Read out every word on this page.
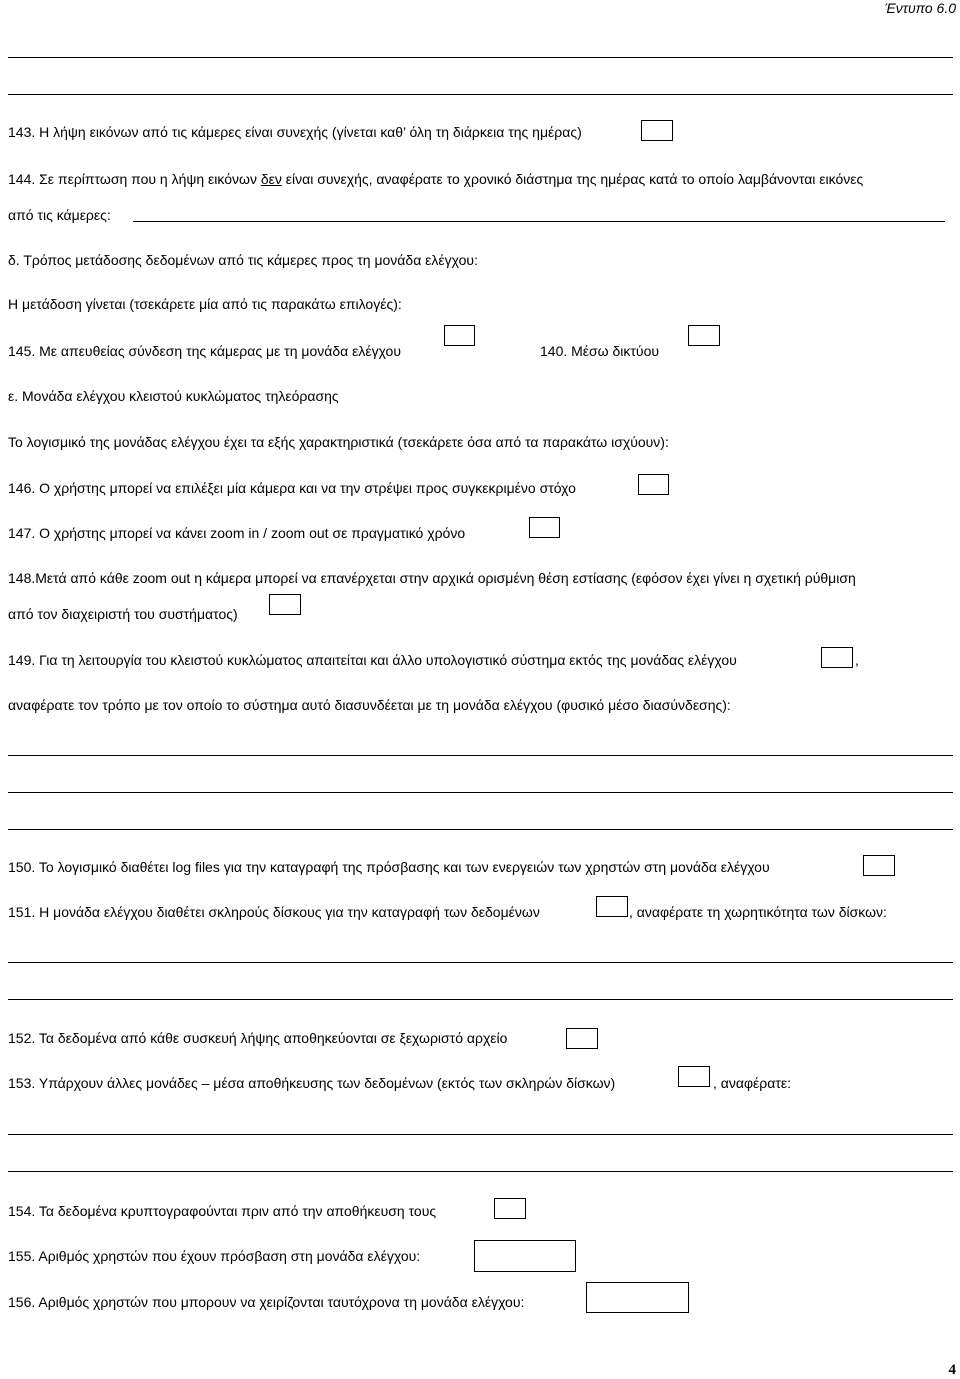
Έντυπο 6.0
143. Η λήψη εικόνων από τις κάμερες είναι συνεχής (γίνεται καθ’ όλη τη διάρκεια της ημέρας)
144. Σε περίπτωση που η λήψη εικόνων δεν είναι συνεχής, αναφέρατε το χρονικό διάστημα της ημέρας κατά το οποίο λαμβάνονται εικόνες
από τις κάμερες:
δ. Τρόπος μετάδοσης δεδομένων από τις κάμερες προς τη μονάδα ελέγχου:
Η μετάδοση γίνεται (τσεκάρετε μία από τις παρακάτω επιλογές):
145. Με απευθείας σύνδεση της κάμερας με τη μονάδα ελέγχου	140. Μέσω δικτύου
ε. Μονάδα ελέγχου κλειστού κυκλώματος τηλεόρασης
Το λογισμικό της μονάδας ελέγχου έχει τα εξής χαρακτηριστικά (τσεκάρετε όσα από τα παρακάτω ισχύουν):
146. Ο χρήστης μπορεί να επιλέξει μία κάμερα και να την στρέψει προς συγκεκριμένο στόχο
147. Ο χρήστης μπορεί να κάνει zoom in / zoom out σε πραγματικό χρόνο
148.Μετά από κάθε zoom out η κάμερα μπορεί να επανέρχεται στην αρχικά ορισμένη θέση εστίασης (εφόσον έχει γίνει η σχετική ρύθμιση
από τον διαχειριστή του συστήματος)
149. Για τη λειτουργία του κλειστού κυκλώματος απαιτείται και άλλο υπολογιστικό σύστημα εκτός της μονάδας ελέγχου	,
αναφέρατε τον τρόπο με τον οποίο το σύστημα αυτό διασυνδέεται με τη μονάδα ελέγχου (φυσικό μέσο διασύνδεσης):
150. Το λογισμικό διαθέτει log files για την καταγραφή της πρόσβασης και των ενεργειών των χρηστών στη μονάδα ελέγχου
151. Η μονάδα ελέγχου διαθέτει σκληρούς δίσκους για την καταγραφή των δεδομένων	, αναφέρατε τη χωρητικότητα των δίσκων:
152. Τα δεδομένα από κάθε συσκευή λήψης αποθηκεύονται σε ξεχωριστό αρχείο
153. Υπάρχουν άλλες μονάδες – μέσα αποθήκευσης των δεδομένων (εκτός των σκληρών δίσκων)	, αναφέρατε:
154. Τα δεδομένα κρυπτογραφούνται πριν από την αποθήκευση τους
155. Αριθμός χρηστών που έχουν πρόσβαση στη μονάδα ελέγχου:
156. Αριθμός χρηστών που μπορουν να χειρίζονται ταυτόχρονα τη μονάδα ελέγχου:
4
